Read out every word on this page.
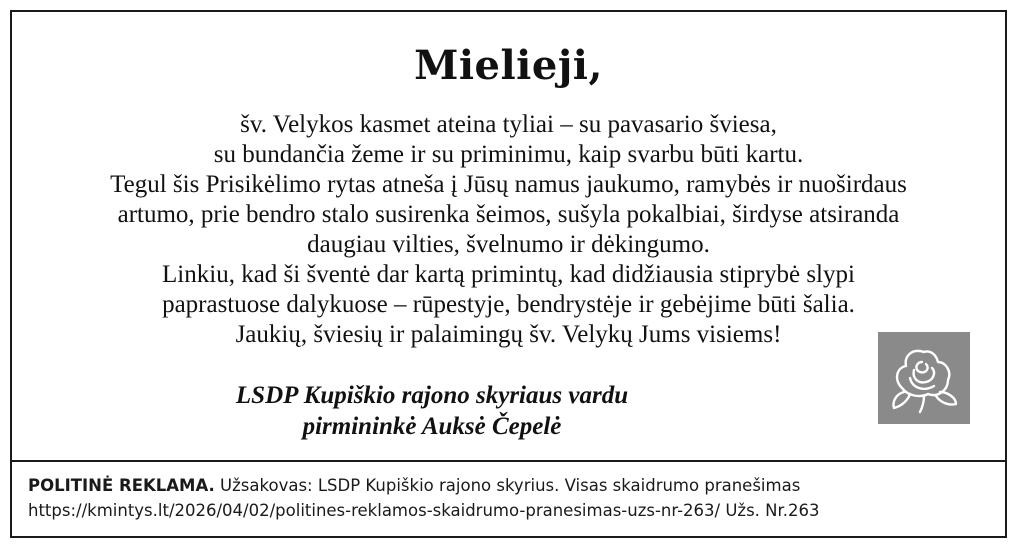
Mielieji,
šv. Velykos kasmet ateina tyliai – su pavasario šviesa,
su bundančia žeme ir su priminimu, kaip svarbu būti kartu.
Tegul šis Prisikėlimo rytas atneša į Jūsų namus jaukumo, ramybės ir nuoširdaus
artumo, prie bendro stalo susirenka šeimos, sušyla pokalbiai, širdyse atsiranda
daugiau vilties, švelnumo ir dėkingumo.
Linkiu, kad ši šventė dar kartą primintų, kad didžiausia stiprybė slypi
paprastuose dalykuose – rūpestyje, bendrystėje ir gebėjime būti šalia.
Jaukių, šviesių ir palaimingų šv. Velykų Jums visiems!
LSDP Kupiškio rajono skyriaus vardu
pirmininkė Auksė Čepelė
POLITINĖ REKLAMA. Užsakovas: LSDP Kupiškio rajono skyrius. Visas skaidrumo pranešimas
https://kmintys.lt/2026/04/02/politines-reklamos-skaidrumo-pranesimas-uzs-nr-263/ Užs. Nr.263
